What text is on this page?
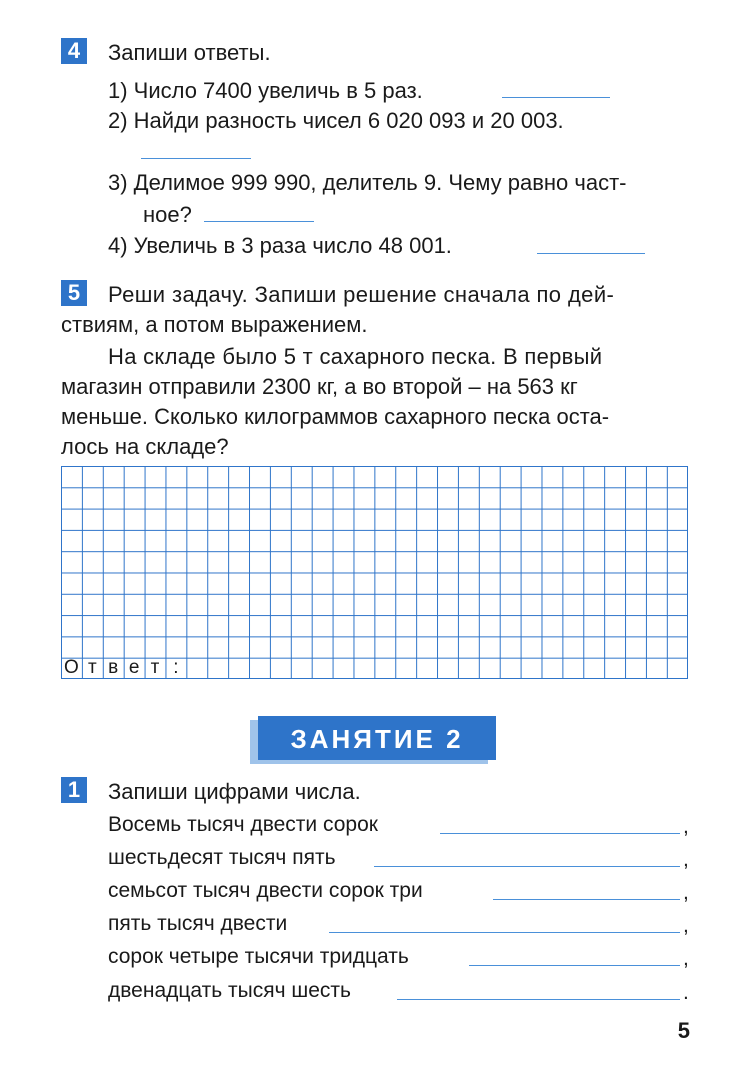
4	Запиши ответы.
1) Число 7400 увеличь в 5 раз.
2) Найди разность чисел 6 020 093 и 20 003.
3) Делимое 999 990, делитель 9. Чему равно част-
ное?
4) Увеличь в 3 раза число 48 001.
5	Реши задачу. Запиши решение сначала по дей-
ствиям, а потом выражением.
На складе было 5 т сахарного песка. В первый
магазин отправили 2300 кг, а во второй – на 563 кг
меньше. Сколько килограммов сахарного песка оста-
лось на складе?
О т в е т :
ЗАНЯТИЕ 2
1	Запиши цифрами числа.
Восемь тысяч двести сорок	,
шестьдесят тысяч пять	,
семьсот тысяч двести сорок три	,
пять тысяч двести	,
сорок четыре тысячи тридцать	,
двенадцать тысяч шесть	.
5
